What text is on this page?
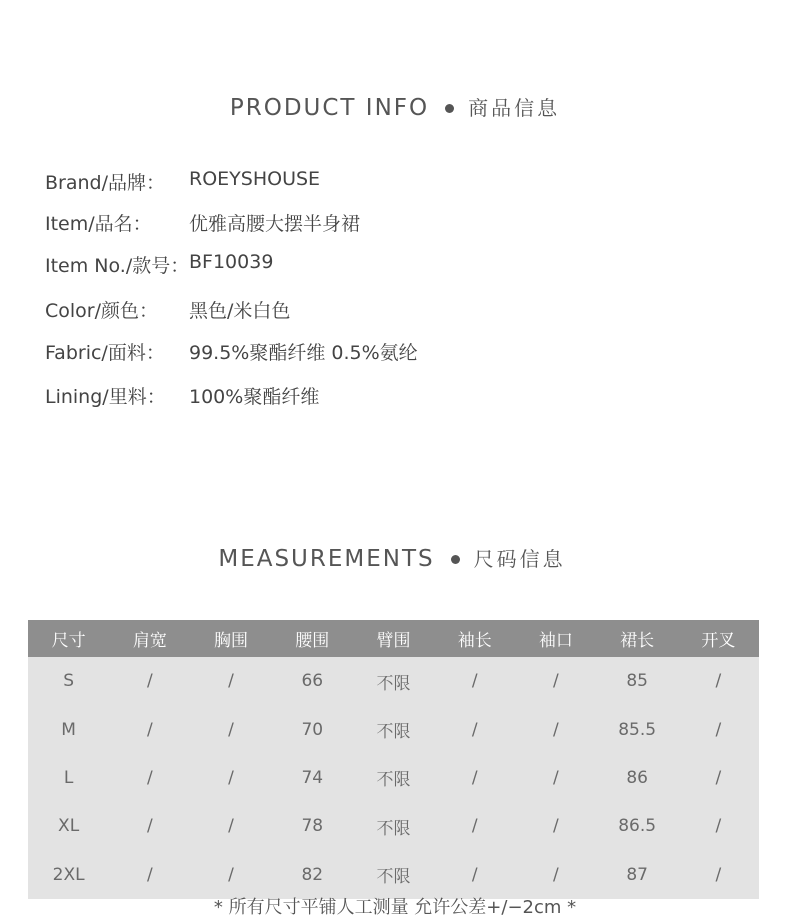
PRODUCT INFO 商品信息
Brand/品牌： ROEYSHOUSE
Item/品名： 优雅高腰大摆半身裙
Item No./款号： BF10039
Color/颜色： 黑色/米白色
Fabric/面料： 99.5%聚酯纤维 0.5%氨纶
Lining/里料： 100%聚酯纤维
MEASUREMENTS 尺码信息
尺寸	肩宽	胸围	腰围	臂围	袖长	袖口	裙长	开叉
S	/	/	66	不限	/	/	85	/
M	/	/	70	不限	/	/	85.5	/
L	/	/	74	不限	/	/	86	/
XL	/	/	78	不限	/	/	86.5	/
2XL	/	/	82	不限	/	/	87	/
* 所有尺寸平铺人工测量 允许公差+/−2cm *
